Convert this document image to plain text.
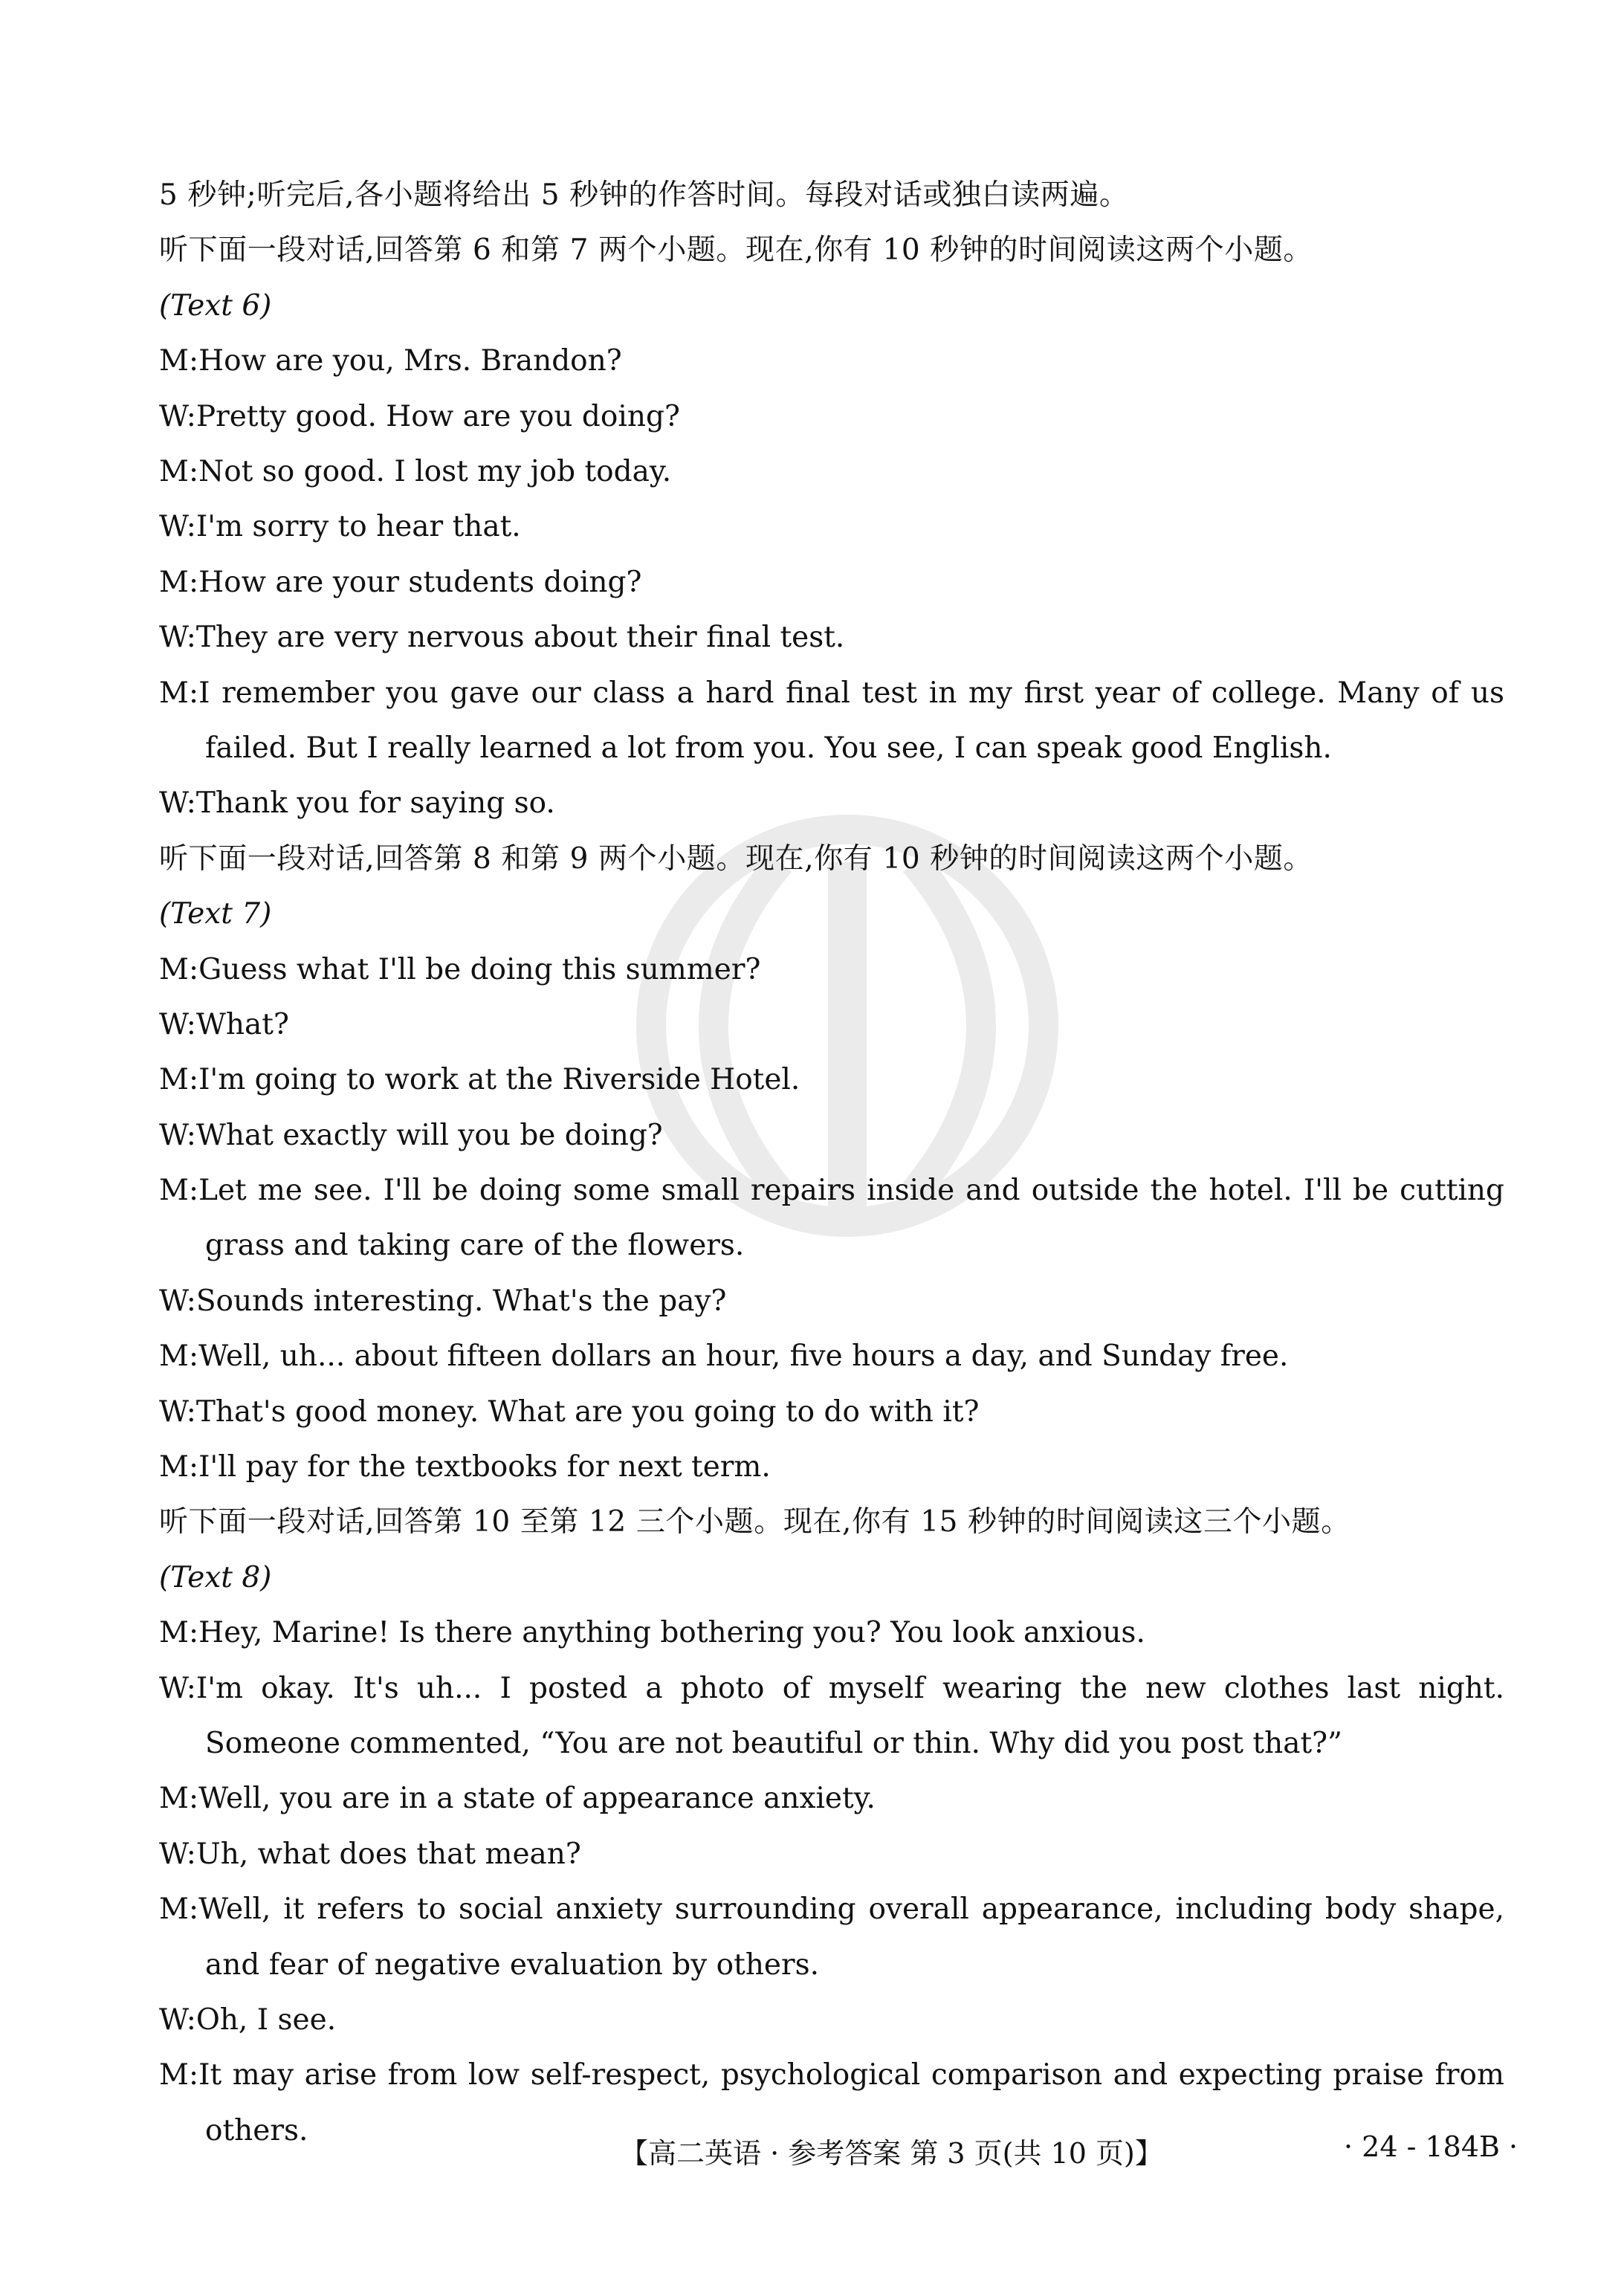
5 秒钟;听完后,各小题将给出 5 秒钟的作答时间。每段对话或独白读两遍。
听下面一段对话,回答第 6 和第 7 两个小题。现在,你有 10 秒钟的时间阅读这两个小题。
(Text 6)
M:How are you, Mrs. Brandon?
W:Pretty good. How are you doing?
M:Not so good. I lost my job today.
W:I'm sorry to hear that.
M:How are your students doing?
W:They are very nervous about their final test.
M:I remember you gave our class a hard final test in my first year of college. Many of us failed. But I really learned a lot from you. You see, I can speak good English.
W:Thank you for saying so.
听下面一段对话,回答第 8 和第 9 两个小题。现在,你有 10 秒钟的时间阅读这两个小题。
(Text 7)
M:Guess what I'll be doing this summer?
W:What?
M:I'm going to work at the Riverside Hotel.
W:What exactly will you be doing?
M:Let me see. I'll be doing some small repairs inside and outside the hotel. I'll be cutting grass and taking care of the flowers.
W:Sounds interesting. What's the pay?
M:Well, uh... about fifteen dollars an hour, five hours a day, and Sunday free.
W:That's good money. What are you going to do with it?
M:I'll pay for the textbooks for next term.
听下面一段对话,回答第 10 至第 12 三个小题。现在,你有 15 秒钟的时间阅读这三个小题。
(Text 8)
M:Hey, Marine! Is there anything bothering you? You look anxious.
W:I'm okay. It's uh... I posted a photo of myself wearing the new clothes last night. Someone commented, “You are not beautiful or thin. Why did you post that?”
M:Well, you are in a state of appearance anxiety.
W:Uh, what does that mean?
M:Well, it refers to social anxiety surrounding overall appearance, including body shape, and fear of negative evaluation by others.
W:Oh, I see.
M:It may arise from low self-respect, psychological comparison and expecting praise from others.
【高二英语 · 参考答案 第 3 页(共 10 页)】	· 24 - 184B ·
